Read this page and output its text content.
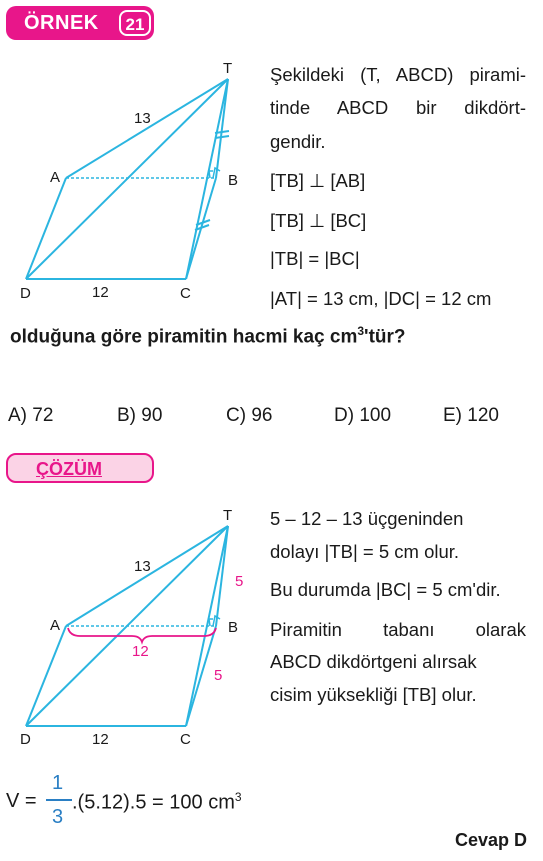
ÖRNEK	21
T
A	B
C
D
13
12
Şekildeki (T, ABCD) pirami-
tinde ABCD bir dikdört-
gendir.
[TB] ⊥ [AB]
[TB] ⊥ [BC]
|TB| = |BC|
|AT| = 13 cm, |DC| = 12 cm
olduğuna göre piramitin hacmi kaç $cm^3'tür$?
A) 72	B) 90	C) 96	D) 100	E) 120
ÇÖZÜM
T
A	B
C
D
13
12
12
5
5
5 – 12 – 13 üçgeninden
dolayı |TB| = 5 cm olur.
Bu durumda |BC| = 5 cm'dir.
Piramitin tabanı olarak
ABCD dikdörtgeni alırsak
cisim yüksekliği [TB] olur.
V =
1
3
.(5.12).5 = 100 $cm^3$
Cevap D
